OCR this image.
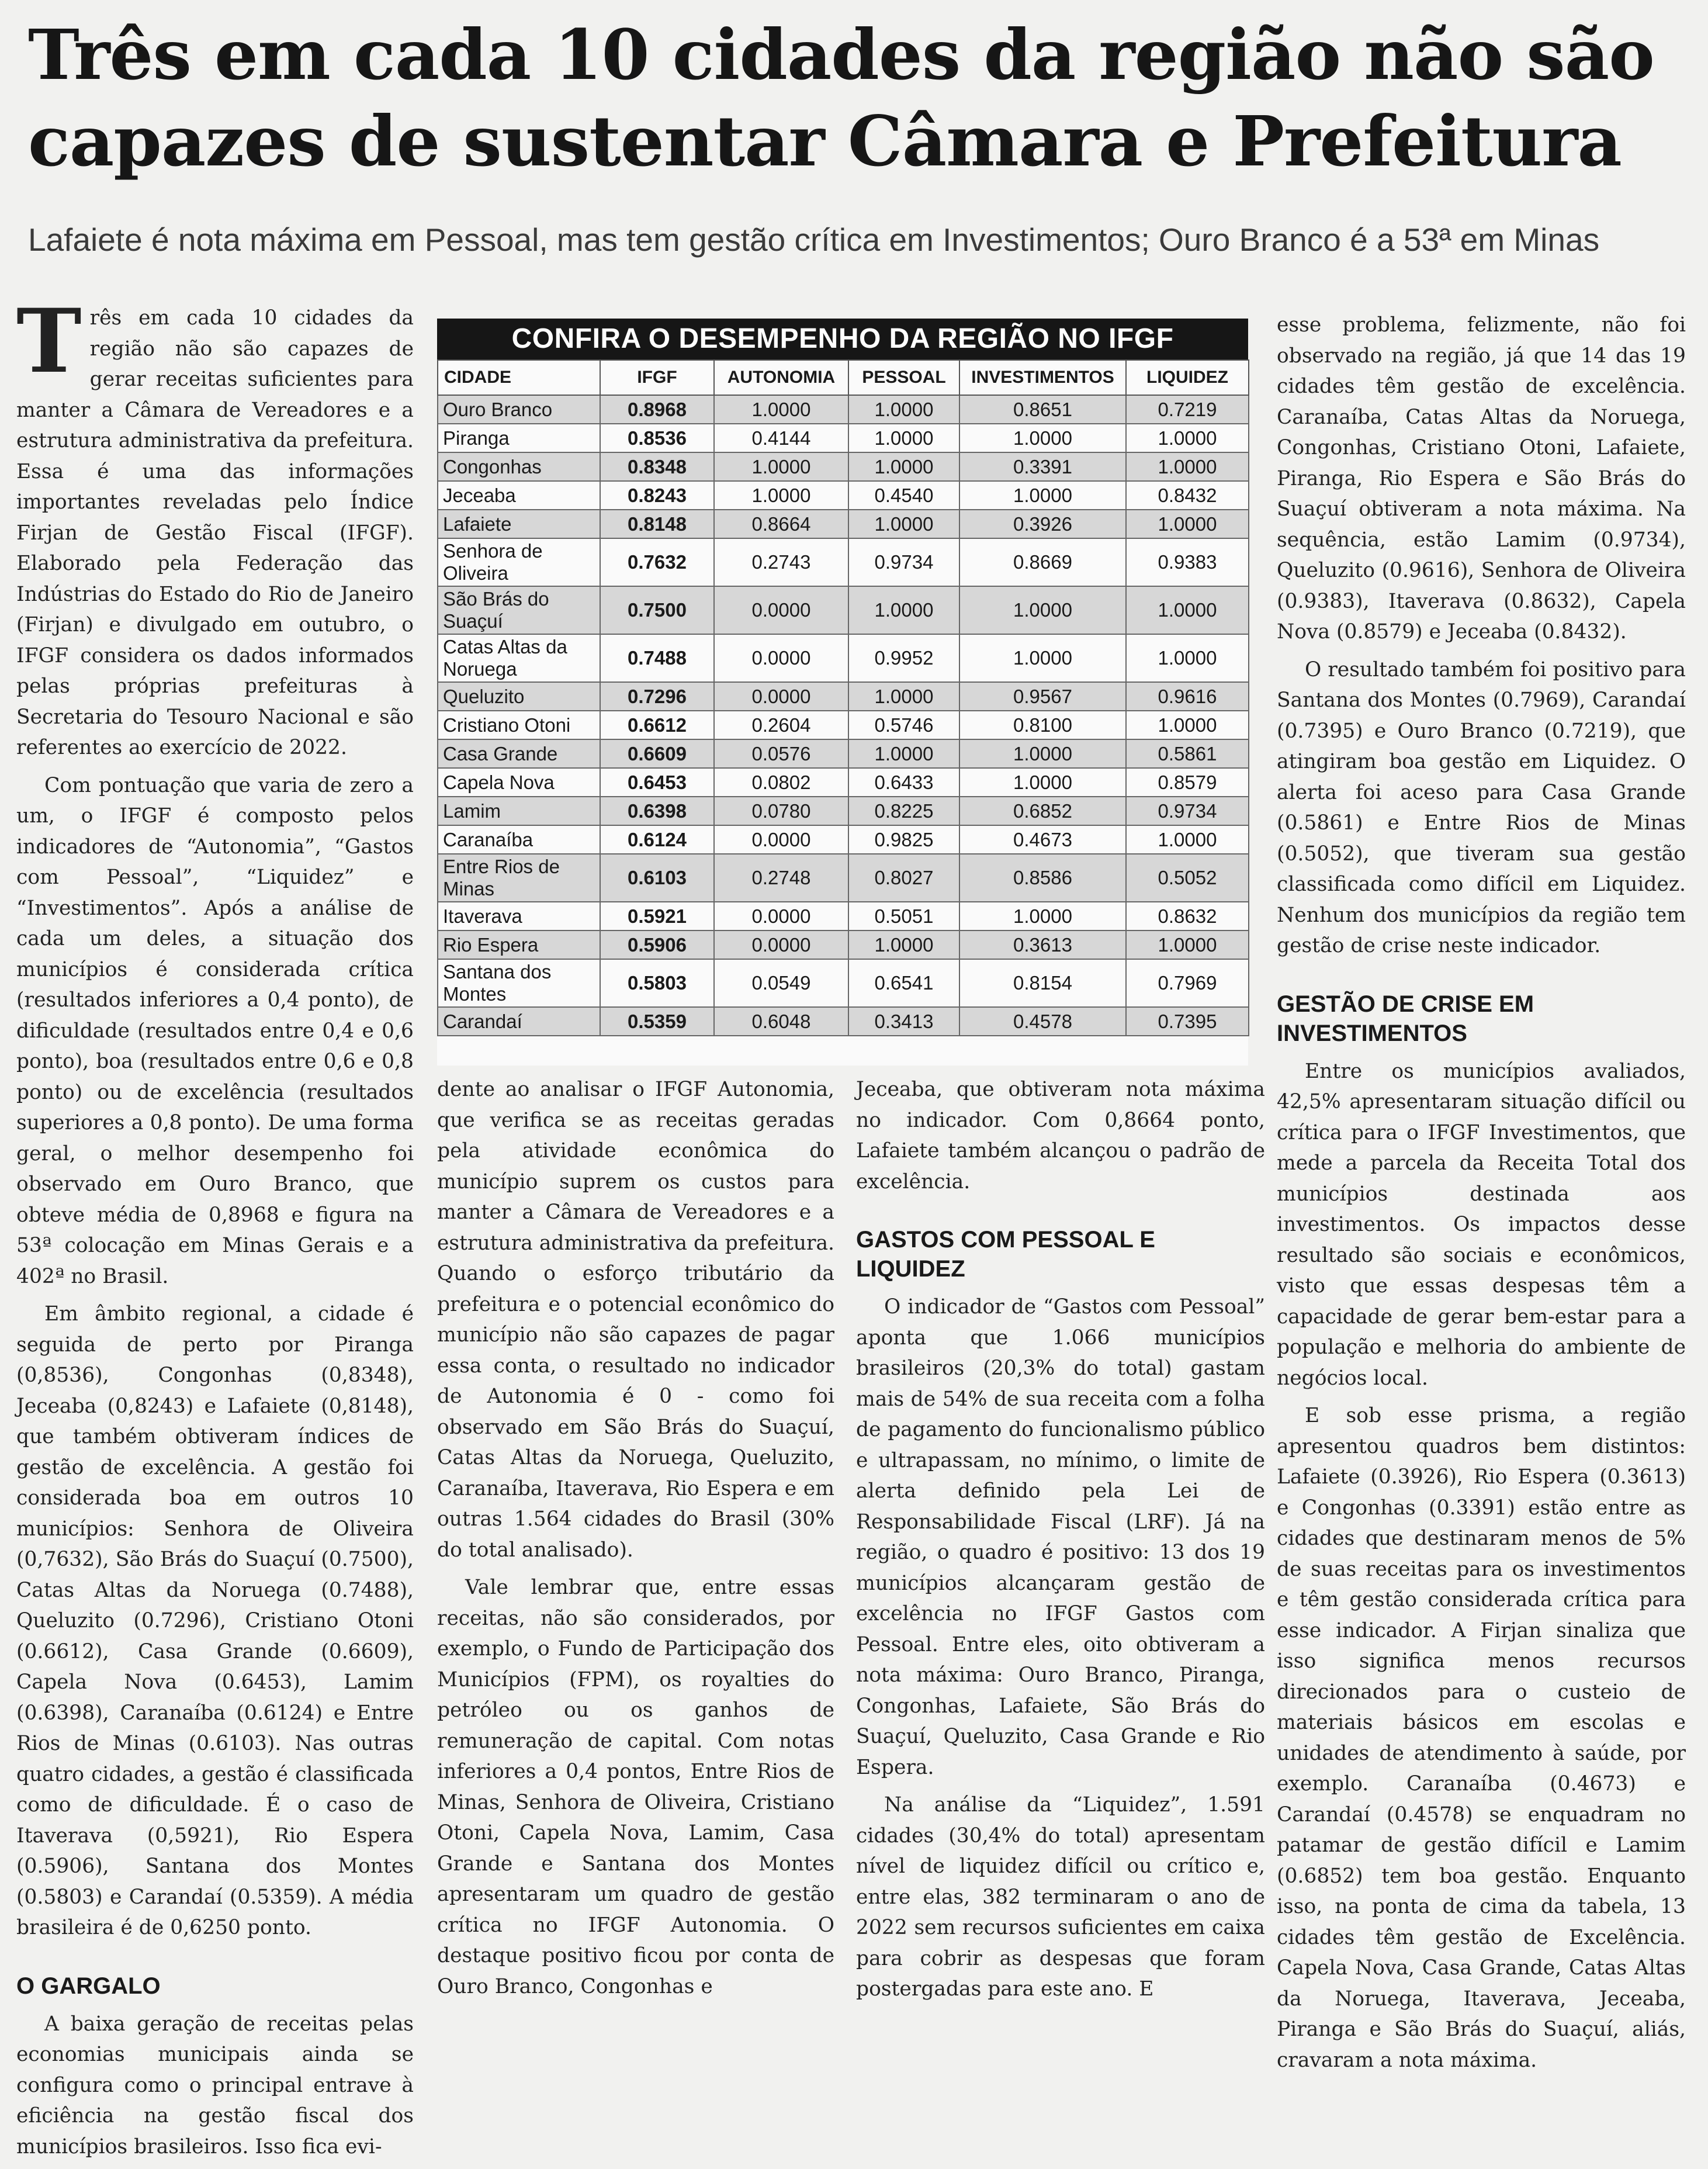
Três em cada 10 cidades da região não são capazes de sustentar Câmara e Prefeitura

Lafaiete é nota máxima em Pessoal, mas tem gestão crítica em Investimentos; Ouro Branco é a 53ª em Minas

Três em cada 10 cidades da região não são capazes de gerar receitas suficientes para manter a Câmara de Vereadores e a estrutura administrativa da prefeitura. Essa é uma das informações importantes reveladas pelo Índice Firjan de Gestão Fiscal (IFGF). Elaborado pela Federação das Indústrias do Estado do Rio de Janeiro (Firjan) e divulgado em outubro, o IFGF considera os dados informados pelas próprias prefeituras à Secretaria do Tesouro Nacional e são referentes ao exercício de 2022.

Com pontuação que varia de zero a um, o IFGF é composto pelos indicadores de “Autonomia”, “Gastos com Pessoal”, “Liquidez” e “Investimentos”. Após a análise de cada um deles, a situação dos municípios é considerada crítica (resultados inferiores a 0,4 ponto), de dificuldade (resultados entre 0,4 e 0,6 ponto), boa (resultados entre 0,6 e 0,8 ponto) ou de excelência (resultados superiores a 0,8 ponto). De uma forma geral, o melhor desempenho foi observado em Ouro Branco, que obteve média de 0,8968 e figura na 53ª colocação em Minas Gerais e a 402ª no Brasil.

Em âmbito regional, a cidade é seguida de perto por Piranga (0,8536), Congonhas (0,8348), Jeceaba (0,8243) e Lafaiete (0,8148), que também obtiveram índices de gestão de excelência. A gestão foi considerada boa em outros 10 municípios: Senhora de Oliveira (0,7632), São Brás do Suaçuí (0.7500), Catas Altas da Noruega (0.7488), Queluzito (0.7296), Cristiano Otoni (0.6612), Casa Grande (0.6609), Capela Nova (0.6453), Lamim (0.6398), Caranaíba (0.6124) e Entre Rios de Minas (0.6103). Nas outras quatro cidades, a gestão é classificada como de dificuldade. É o caso de Itaverava (0,5921), Rio Espera (0.5906), Santana dos Montes (0.5803) e Carandaí (0.5359). A média brasileira é de 0,6250 ponto.

O GARGALO

A baixa geração de receitas pelas economias municipais ainda se configura como o principal entrave à eficiência na gestão fiscal dos municípios brasileiros. Isso fica evi-

CONFIRA O DESEMPENHO DA REGIÃO NO IFGF
CIDADE	IFGF	AUTONOMIA	PESSOAL	INVESTIMENTOS	LIQUIDEZ
Ouro Branco	0.8968	1.0000	1.0000	0.8651	0.7219
Piranga	0.8536	0.4144	1.0000	1.0000	1.0000
Congonhas	0.8348	1.0000	1.0000	0.3391	1.0000
Jeceaba	0.8243	1.0000	0.4540	1.0000	0.8432
Lafaiete	0.8148	0.8664	1.0000	0.3926	1.0000
Senhora de Oliveira	0.7632	0.2743	0.9734	0.8669	0.9383
São Brás do Suaçuí	0.7500	0.0000	1.0000	1.0000	1.0000
Catas Altas da Noruega	0.7488	0.0000	0.9952	1.0000	1.0000
Queluzito	0.7296	0.0000	1.0000	0.9567	0.9616
Cristiano Otoni	0.6612	0.2604	0.5746	0.8100	1.0000
Casa Grande	0.6609	0.0576	1.0000	1.0000	0.5861
Capela Nova	0.6453	0.0802	0.6433	1.0000	0.8579
Lamim	0.6398	0.0780	0.8225	0.6852	0.9734
Caranaíba	0.6124	0.0000	0.9825	0.4673	1.0000
Entre Rios de Minas	0.6103	0.2748	0.8027	0.8586	0.5052
Itaverava	0.5921	0.0000	0.5051	1.0000	0.8632
Rio Espera	0.5906	0.0000	1.0000	0.3613	1.0000
Santana dos Montes	0.5803	0.0549	0.6541	0.8154	0.7969
Carandaí	0.5359	0.6048	0.3413	0.4578	0.7395

dente ao analisar o IFGF Autonomia, que verifica se as receitas geradas pela atividade econômica do município suprem os custos para manter a Câmara de Vereadores e a estrutura administrativa da prefeitura. Quando o esforço tributário da prefeitura e o potencial econômico do município não são capazes de pagar essa conta, o resultado no indicador de Autonomia é 0 - como foi observado em São Brás do Suaçuí, Catas Altas da Noruega, Queluzito, Caranaíba, Itaverava, Rio Espera e em outras 1.564 cidades do Brasil (30% do total analisado).

Vale lembrar que, entre essas receitas, não são considerados, por exemplo, o Fundo de Participação dos Municípios (FPM), os royalties do petróleo ou os ganhos de remuneração de capital. Com notas inferiores a 0,4 pontos, Entre Rios de Minas, Senhora de Oliveira, Cristiano Otoni, Capela Nova, Lamim, Casa Grande e Santana dos Montes apresentaram um quadro de gestão crítica no IFGF Autonomia. O destaque positivo ficou por conta de Ouro Branco, Congonhas e

Jeceaba, que obtiveram nota máxima no indicador. Com 0,8664 ponto, Lafaiete também alcançou o padrão de excelência.

GASTOS COM PESSOAL E LIQUIDEZ

O indicador de “Gastos com Pessoal” aponta que 1.066 municípios brasileiros (20,3% do total) gastam mais de 54% de sua receita com a folha de pagamento do funcionalismo público e ultrapassam, no mínimo, o limite de alerta definido pela Lei de Responsabilidade Fiscal (LRF). Já na região, o quadro é positivo: 13 dos 19 municípios alcançaram gestão de excelência no IFGF Gastos com Pessoal. Entre eles, oito obtiveram a nota máxima: Ouro Branco, Piranga, Congonhas, Lafaiete, São Brás do Suaçuí, Queluzito, Casa Grande e Rio Espera.

Na análise da “Liquidez”, 1.591 cidades (30,4% do total) apresentam nível de liquidez difícil ou crítico e, entre elas, 382 terminaram o ano de 2022 sem recursos suficientes em caixa para cobrir as despesas que foram postergadas para este ano. E

esse problema, felizmente, não foi observado na região, já que 14 das 19 cidades têm gestão de excelência. Caranaíba, Catas Altas da Noruega, Congonhas, Cristiano Otoni, Lafaiete, Piranga, Rio Espera e São Brás do Suaçuí obtiveram a nota máxima. Na sequência, estão Lamim (0.9734), Queluzito (0.9616), Senhora de Oliveira (0.9383), Itaverava (0.8632), Capela Nova (0.8579) e Jeceaba (0.8432).

O resultado também foi positivo para Santana dos Montes (0.7969), Carandaí (0.7395) e Ouro Branco (0.7219), que atingiram boa gestão em Liquidez. O alerta foi aceso para Casa Grande (0.5861) e Entre Rios de Minas (0.5052), que tiveram sua gestão classificada como difícil em Liquidez. Nenhum dos municípios da região tem gestão de crise neste indicador.

GESTÃO DE CRISE EM INVESTIMENTOS

Entre os municípios avaliados, 42,5% apresentaram situação difícil ou crítica para o IFGF Investimentos, que mede a parcela da Receita Total dos municípios destinada aos investimentos. Os impactos desse resultado são sociais e econômicos, visto que essas despesas têm a capacidade de gerar bem-estar para a população e melhoria do ambiente de negócios local.

E sob esse prisma, a região apresentou quadros bem distintos: Lafaiete (0.3926), Rio Espera (0.3613) e Congonhas (0.3391) estão entre as cidades que destinaram menos de 5% de suas receitas para os investimentos e têm gestão considerada crítica para esse indicador. A Firjan sinaliza que isso significa menos recursos direcionados para o custeio de materiais básicos em escolas e unidades de atendimento à saúde, por exemplo. Caranaíba (0.4673) e Carandaí (0.4578) se enquadram no patamar de gestão difícil e Lamim (0.6852) tem boa gestão. Enquanto isso, na ponta de cima da tabela, 13 cidades têm gestão de Excelência. Capela Nova, Casa Grande, Catas Altas da Noruega, Itaverava, Jeceaba, Piranga e São Brás do Suaçuí, aliás, cravaram a nota máxima.
